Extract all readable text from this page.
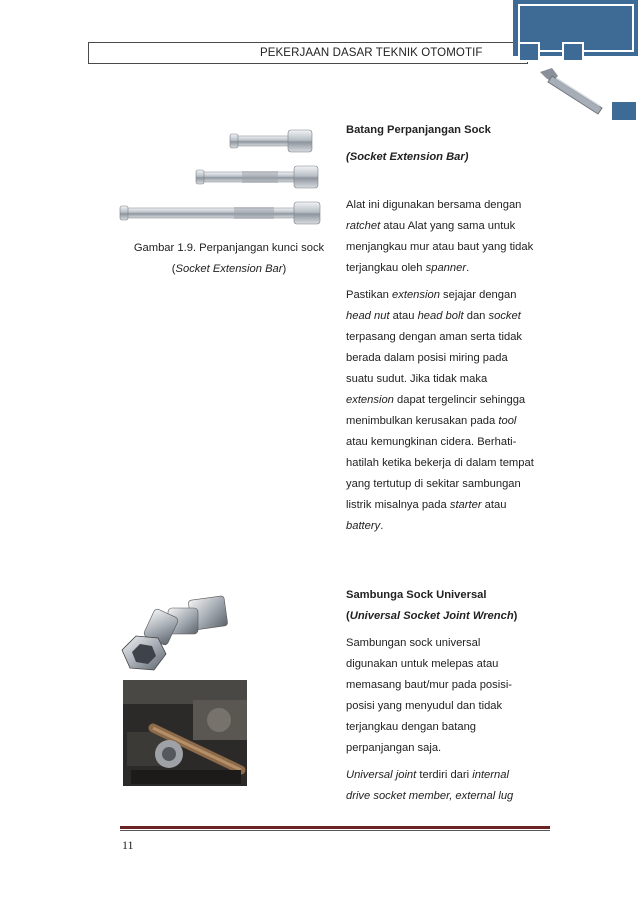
PEKERJAAN DASAR TEKNIK OTOMOTIF
Gambar 1.9. Perpanjangan kunci sock
(Socket Extension Bar)

Batang Perpanjangan Sock

(Socket Extension Bar)

Alat ini digunakan bersama dengan
ratchet atau Alat yang sama untuk
menjangkau mur atau baut yang tidak
terjangkau oleh spanner.

Pastikan extension sejajar dengan
head nut atau head bolt dan socket
terpasang dengan aman serta tidak
berada dalam posisi miring pada
suatu sudut. Jika tidak maka
extension dapat tergelincir sehingga
menimbulkan kerusakan pada tool
atau kemungkinan cidera. Berhati-
hatilah ketika bekerja di dalam tempat
yang tertutup di sekitar sambungan
listrik misalnya pada starter atau
battery.

Sambunga Sock Universal

(Universal Socket Joint Wrench)

Sambungan sock universal
digunakan untuk melepas atau
memasang baut/mur pada posisi-
posisi yang menyudul dan tidak
terjangkau dengan batang
perpanjangan saja.
Universal joint terdiri dari internal
drive socket member, external lug
11
